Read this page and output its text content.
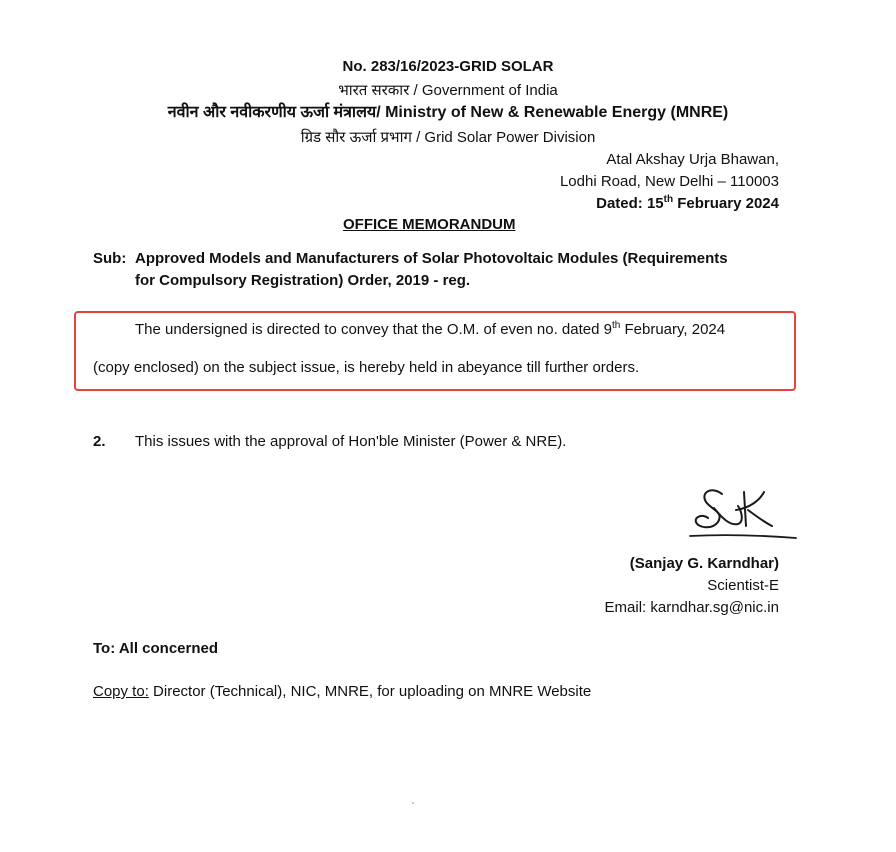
No. 283/16/2023-GRID SOLAR

भारत सरकार / Government of India

नवीन और नवीकरणीय ऊर्जा मंत्रालय/ Ministry of New & Renewable Energy (MNRE)

ग्रिड सौर ऊर्जा प्रभाग / Grid Solar Power Division

Atal Akshay Urja Bhawan,

Lodhi Road, New Delhi – 110003

Dated: 15th February 2024

OFFICE MEMORANDUM

Sub: Approved Models and Manufacturers of Solar Photovoltaic Modules (Requirements

for Compulsory Registration) Order, 2019 - reg.

The undersigned is directed to convey that the O.M. of even no. dated 9th February, 2024

(copy enclosed) on the subject issue, is hereby held in abeyance till further orders.

2. This issues with the approval of Hon'ble Minister (Power & NRE).

(Sanjay G. Karndhar)

Scientist-E

Email: karndhar.sg@nic.in

To: All concerned

Copy to: Director (Technical), NIC, MNRE, for uploading on MNRE Website
